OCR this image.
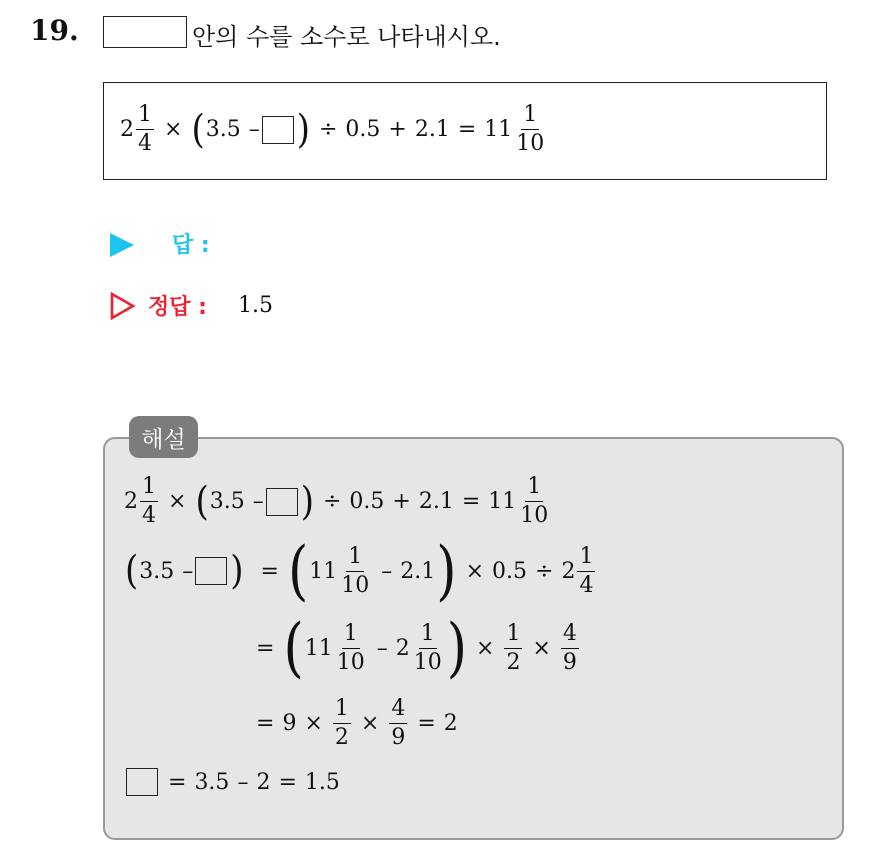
19.	안의 수를 소수로 나타내시오.
$2 \frac{1}{4}$ × ( 3.5 – ) ÷ $0.5 + 2.1 = 11 \frac{1}{10}$
답 :
정답 : 1.5
해설
$2 \frac{1}{4}$ × ( 3.5 – ) ÷ $0.5 + 2.1 = 11 \frac{1}{10}$
( 3.5 – ) = ( $11 \frac{1}{10} - 2.1$ ) × $0.5 \div 2 \frac{1}{4}$
= ( $11 \frac{1}{10} - 2 \frac{1}{10}$ ) × $\frac{1}{2} \times \frac{4}{9}$
= $9 \times \frac{1}{2} \times \frac{4}{9} = 2$
= 3.5 – 2 = 1.5
